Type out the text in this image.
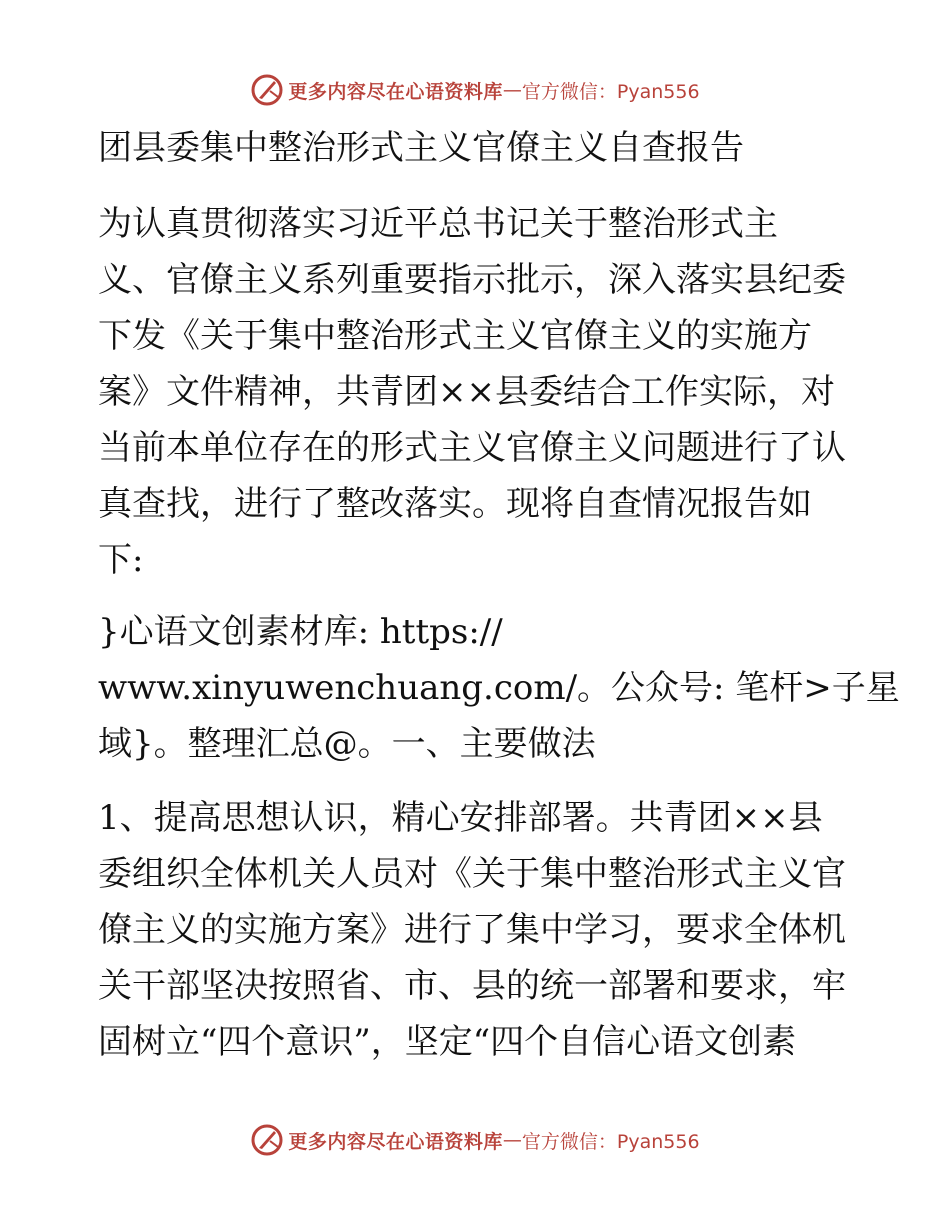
更多内容尽在心语资料库 — 官方微信：Pyan556
团县委集中整治形式主义官僚主义自查报告
为认真贯彻落实习近平总书记关于整治形式主
义、官僚主义系列重要指示批示，深入落实县纪委
下发《关于集中整治形式主义官僚主义的实施方
案》文件精神，共青团××县委结合工作实际，对
当前本单位存在的形式主义官僚主义问题进行了认
真查找，进行了整改落实。现将自查情况报告如
下:
}心语文创素材库: https://
www.xinyuwenchuang.com/。公众号: 笔杆>子星
域}。整理汇总@。一、主要做法
1、提高思想认识，精心安排部署。共青团××县
委组织全体机关人员对《关于集中整治形式主义官
僚主义的实施方案》进行了集中学习，要求全体机
关干部坚决按照省、市、县的统一部署和要求，牢
固树立“四个意识”，坚定“四个自信心语文创素
更多内容尽在心语资料库 — 官方微信：Pyan556
